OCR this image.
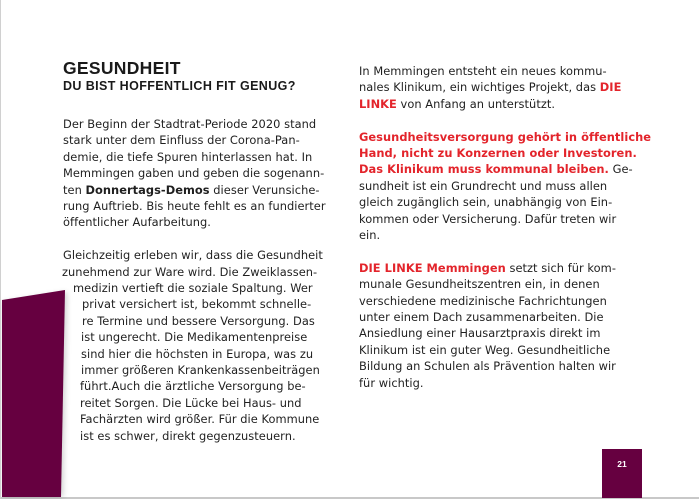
GESUNDHEIT
DU BIST HOFFENTLICH FIT GENUG?

Der Beginn der Stadtrat-Periode 2020 stand
stark unter dem Einfluss der Corona-Pan-
demie, die tiefe Spuren hinterlassen hat. In
Memmingen gaben und geben die sogenann-
ten Donnertags-Demos dieser Verunsiche-
rung Auftrieb. Bis heute fehlt es an fundierter
öffentlicher Aufarbeitung.

Gleichzeitig erleben wir, dass die Gesundheit
zunehmend zur Ware wird. Die Zweiklassen-
medizin vertieft die soziale Spaltung. Wer
privat versichert ist, bekommt schnelle-
re Termine und bessere Versorgung. Das
ist ungerecht. Die Medikamentenpreise
sind hier die höchsten in Europa, was zu
immer größeren Krankenkassenbeiträgen
führt.Auch die ärztliche Versorgung be-
reitet Sorgen. Die Lücke bei Haus- und
Fachärzten wird größer. Für die Kommune
ist es schwer, direkt gegenzusteuern.

In Memmingen entsteht ein neues kommu-
nales Klinikum, ein wichtiges Projekt, das DIE
LINKE von Anfang an unterstützt.

Gesundheitsversorgung gehört in öffentliche
Hand, nicht zu Konzernen oder Investoren.
Das Klinikum muss kommunal bleiben. Ge-
sundheit ist ein Grundrecht und muss allen
gleich zugänglich sein, unabhängig von Ein-
kommen oder Versicherung. Dafür treten wir
ein.

DIE LINKE Memmingen setzt sich für kom-
munale Gesundheitszentren ein, in denen
verschiedene medizinische Fachrichtungen
unter einem Dach zusammenarbeiten. Die
Ansiedlung einer Hausarztpraxis direkt im
Klinikum ist ein guter Weg. Gesundheitliche
Bildung an Schulen als Prävention halten wir
für wichtig.

21
